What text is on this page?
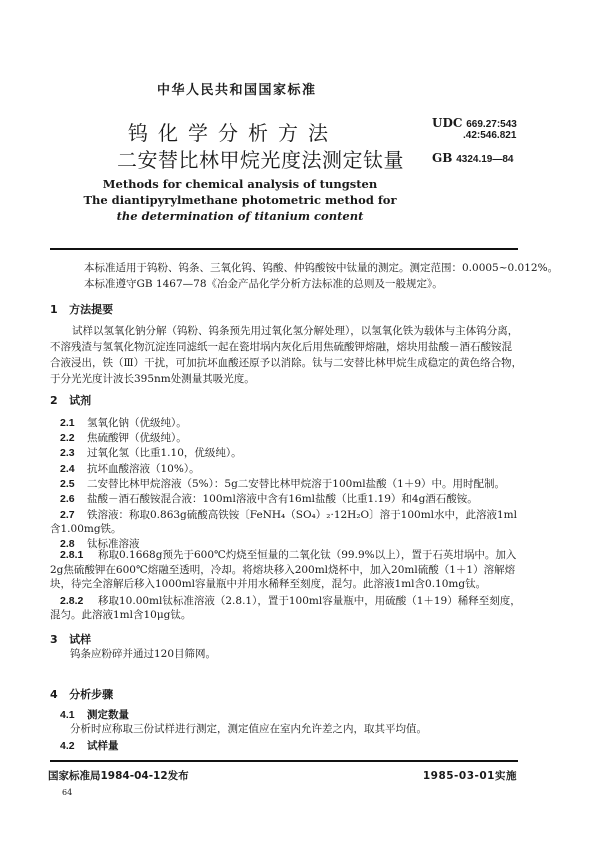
中华人民共和国国家标准
钨化学分析方法
二安替比林甲烷光度法测定钛量
UDC 669.27:543
.42:546.821
GB 4324.19—84
Methods for chemical analysis of tungsten
The diantipyrylmethane photometric method for
the determination of titanium content
本标准适用于钨粉、钨条、三氧化钨、钨酸、仲钨酸铵中钛量的测定。测定范围：0.0005~0.012%。
本标准遵守GB 1467—78《冶金产品化学分析方法标准的总则及一般规定》。
1 方法提要
试样以氢氧化钠分解（钨粉、钨条预先用过氧化氢分解处理），以氢氧化铁为载体与主体钨分离，
不溶残渣与氢氧化物沉淀连同滤纸一起在瓷坩埚内灰化后用焦硫酸钾熔融，熔块用盐酸－酒石酸铵混
合液浸出，铁（Ⅲ）干扰，可加抗坏血酸还原予以消除。钛与二安替比林甲烷生成稳定的黄色络合物，
于分光光度计波长395nm处测量其吸光度。
2 试剂
2.1 氢氧化钠（优级纯）。
2.2 焦硫酸钾（优级纯）。
2.3 过氧化氢（比重1.10，优级纯）。
2.4 抗坏血酸溶液（10%）。
2.5 二安替比林甲烷溶液（5%）：5g二安替比林甲烷溶于100ml盐酸（1＋9）中。用时配制。
2.6 盐酸－酒石酸铵混合液：100ml溶液中含有16ml盐酸（比重1.19）和4g酒石酸铵。
2.7 铁溶液：称取0.863g硫酸高铁铵〔FeNH₄（SO₄）₂·12H₂O〕溶于100ml水中，此溶液1ml
含1.00mg铁。
2.8 钛标准溶液
2.8.1 称取0.1668g预先于600℃灼烧至恒量的二氧化钛（99.9%以上），置于石英坩埚中。加入
2g焦硫酸钾在600℃熔融至透明，冷却。将熔块移入200ml烧杯中，加入20ml硫酸（1＋1）溶解熔
块，待完全溶解后移入1000ml容量瓶中并用水稀释至刻度，混匀。此溶液1ml含0.10mg钛。
2.8.2 移取10.00ml钛标准溶液（2.8.1），置于100ml容量瓶中，用硫酸（1＋19）稀释至刻度，
混匀。此溶液1ml含10μg钛。
3 试样
钨条应粉碎并通过120目筛网。
4 分析步骤
4.1 测定数量
分析时应称取三份试样进行测定，测定值应在室内允许差之内，取其平均值。
4.2 试样量
国家标准局1984-04-12发布	1985-03-01实施
64
